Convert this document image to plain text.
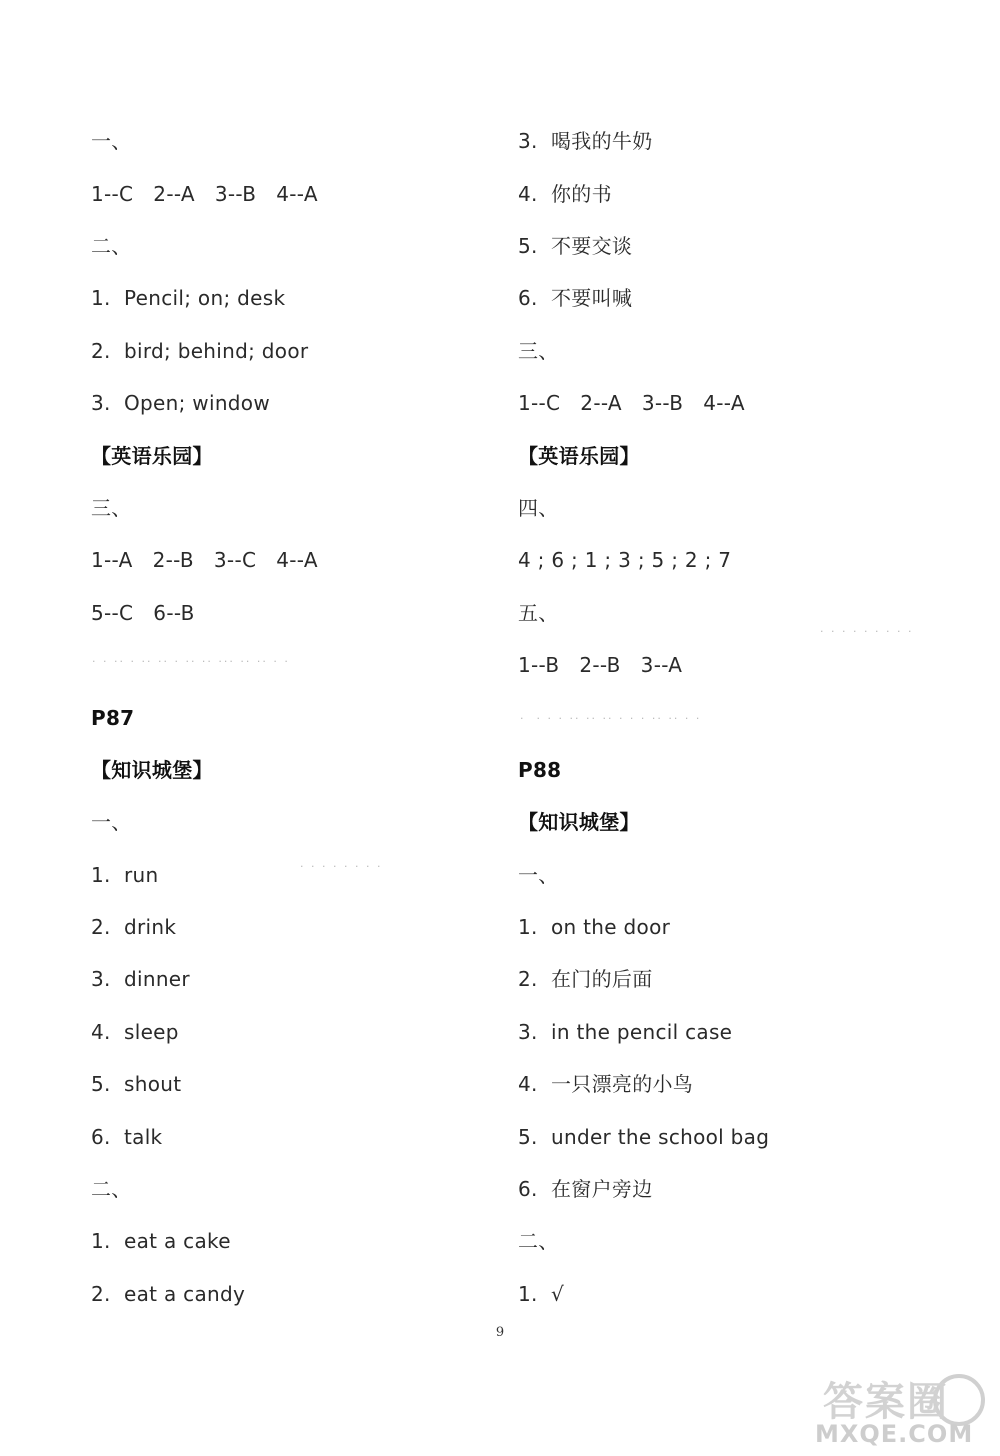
一、
1--C   2--A   3--B   4--A
二、
1.  Pencil; on; desk
2.  bird; behind; door
3.  Open; window
【英语乐园】
三、
1--A   2--B   3--C   4--A
5--C   6--B
P87
【知识城堡】
一、
1.  run
2.  drink
3.  dinner
4.  sleep
5.  shout
6.  talk
二、
1.  eat a cake
2.  eat a candy
3.  喝我的牛奶
4.  你的书
5.  不要交谈
6.  不要叫喊
三、
1--C   2--A   3--B   4--A
【英语乐园】
四、
4 ; 6 ; 1 ; 3 ; 5 ; 2 ; 7
五、
1--B   2--B   3--A
P88
【知识城堡】
一、
1.  on the door
2.  在门的后面
3.  in the pencil case
4.  一只漂亮的小鸟
5.  under the school bag
6.  在窗户旁边
二、
1.  √
· · ·· · ·· ·· · ·· ·· ··· ·· ·· · ·
·  · · · ·· ·· ·· · · · ·· ·· · ·
· · · · · · · ·
· · · · · · · · ·
9
答案圈
MXQE.COM
